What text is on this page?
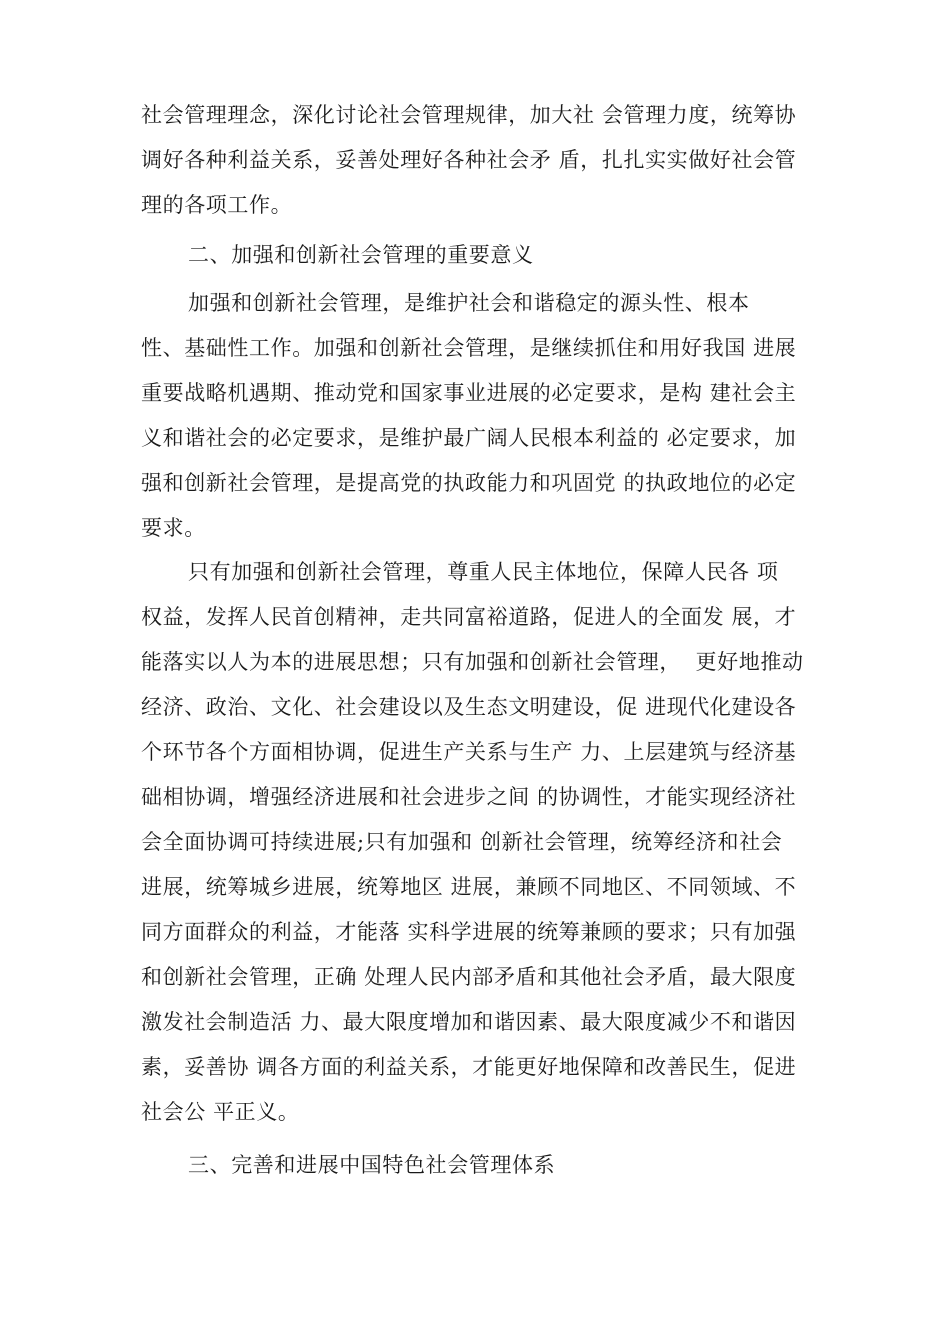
社会管理理念，深化讨论社会管理规律，加大社 会管理力度，统筹协
调好各种利益关系，妥善处理好各种社会矛 盾，扎扎实实做好社会管
理的各项工作。
二、加强和创新社会管理的重要意义
加强和创新社会管理，是维护社会和谐稳定的源头性、根本
性、基础性工作。加强和创新社会管理，是继续抓住和用好我国 进展
重要战略机遇期、推动党和国家事业进展的必定要求，是构 建社会主
义和谐社会的必定要求，是维护最广阔人民根本利益的 必定要求，加
强和创新社会管理，是提高党的执政能力和巩固党 的执政地位的必定
要求。
只有加强和创新社会管理，尊重人民主体地位，保障人民各 项
权益，发挥人民首创精神，走共同富裕道路，促进人的全面发 展，才
能落实以人为本的进展思想；只有加强和创新社会管理，  更好地推动
经济、政治、文化、社会建设以及生态文明建设，促 进现代化建设各
个环节各个方面相协调，促进生产关系与生产 力、上层建筑与经济基
础相协调，增强经济进展和社会进步之间 的协调性，才能实现经济社
会全面协调可持续进展;只有加强和 创新社会管理，统筹经济和社会
进展，统筹城乡进展，统筹地区 进展，兼顾不同地区、不同领域、不
同方面群众的利益，才能落 实科学进展的统筹兼顾的要求；只有加强
和创新社会管理，正确 处理人民内部矛盾和其他社会矛盾，最大限度
激发社会制造活 力、最大限度增加和谐因素、最大限度减少不和谐因
素，妥善协 调各方面的利益关系，才能更好地保障和改善民生，促进
社会公 平正义。
三、完善和进展中国特色社会管理体系
